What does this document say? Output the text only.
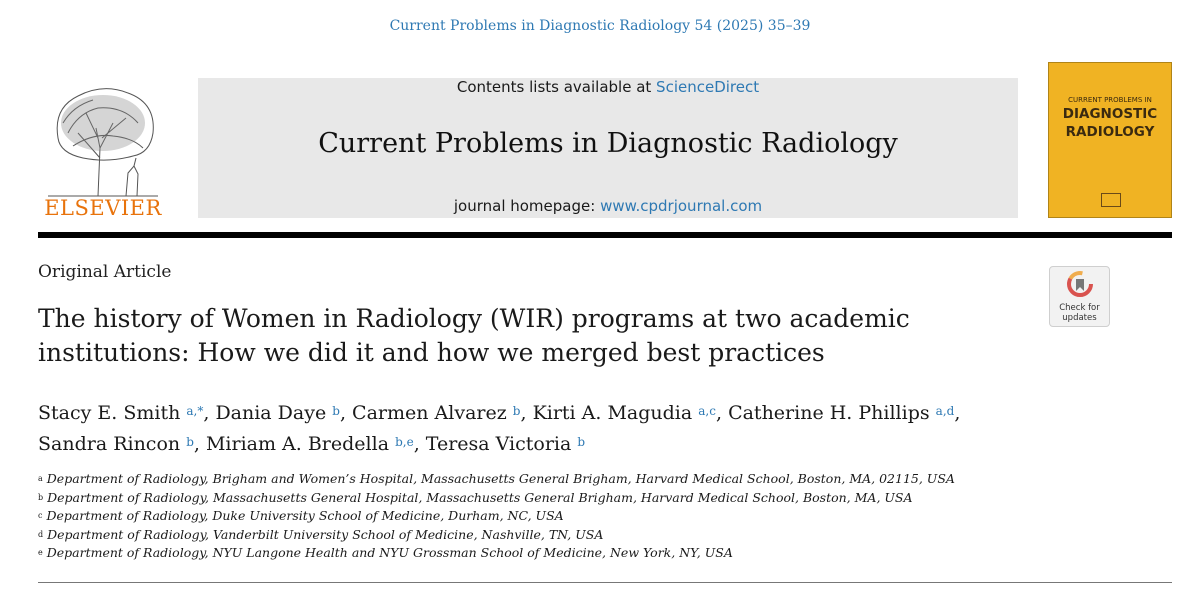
Current Problems in Diagnostic Radiology 54 (2025) 35–39
ELSEVIER
Contents lists available at ScienceDirect
Current Problems in Diagnostic Radiology
journal homepage: www.cpdrjournal.com
CURRENT PROBLEMS IN
DIAGNOSTIC
RADIOLOGY
Original Article
The history of Women in Radiology (WIR) programs at two academic
institutions: How we did it and how we merged best practices
Check for
updates
Stacy E. Smith $^{a,*}$, Dania Daye $^b$, Carmen Alvarez $^b$, Kirti A. Magudia $^{a,c}$, Catherine H. Phillips $^{a,d}$,
Sandra Rincon $^b$, Miriam A. Bredella $^{b,e}$, Teresa Victoria $^b$
$^a$ Department of Radiology, Brigham and Women’s Hospital, Massachusetts General Brigham, Harvard Medical School, Boston, MA, 02115, USA
$^b$ Department of Radiology, Massachusetts General Hospital, Massachusetts General Brigham, Harvard Medical School, Boston, MA, USA
$^c$ Department of Radiology, Duke University School of Medicine, Durham, NC, USA
$^d$ Department of Radiology, Vanderbilt University School of Medicine, Nashville, TN, USA
$^e$ Department of Radiology, NYU Langone Health and NYU Grossman School of Medicine, New York, NY, USA
